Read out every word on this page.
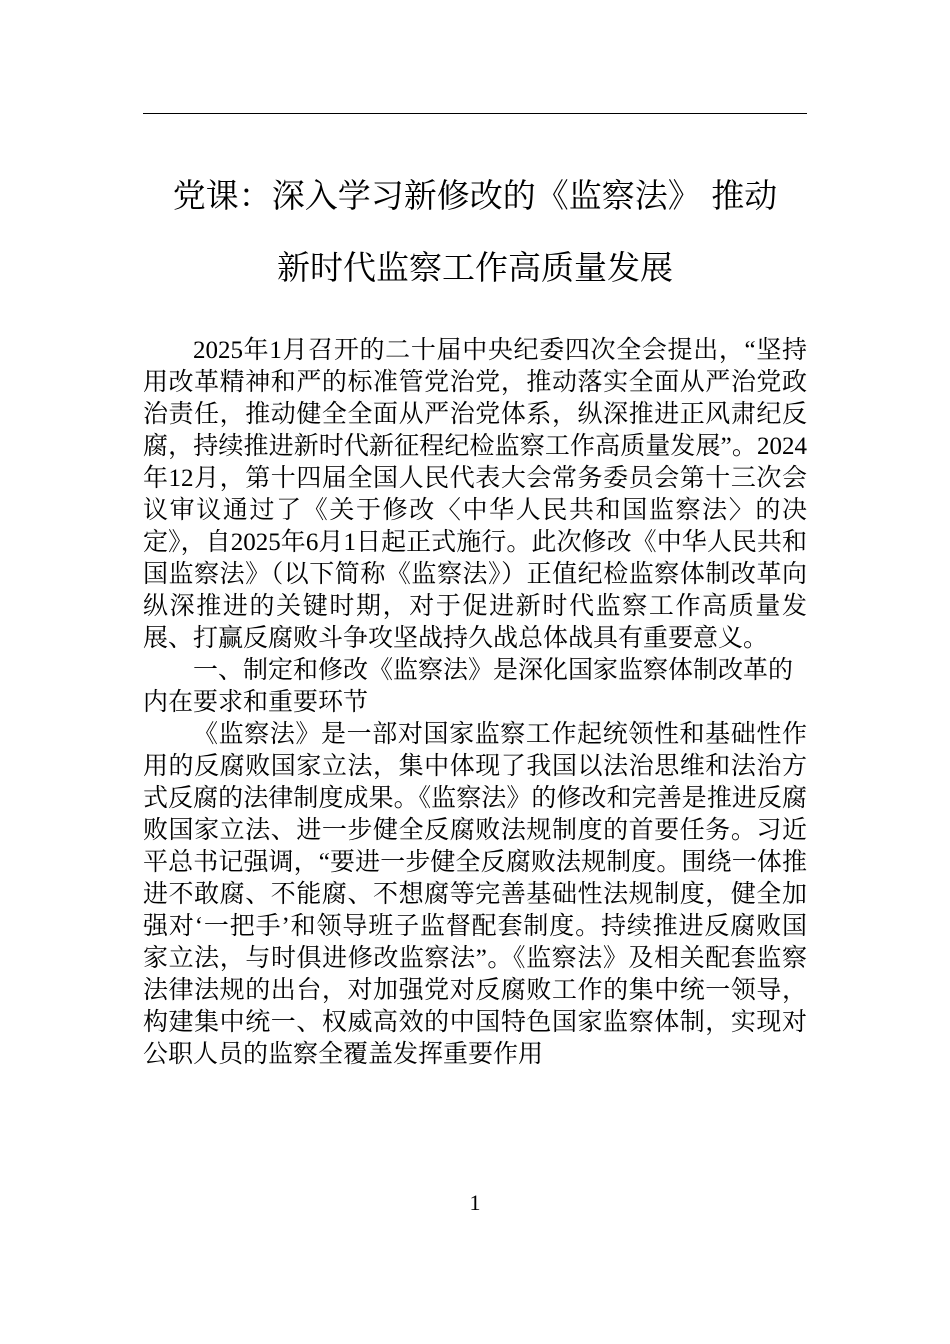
党课：深入学习新修改的《监察法》 推动
新时代监察工作高质量发展

2025年1月召开的二十届中央纪委四次全会提出，“坚持用改革精神和严的标准管党治党，推动落实全面从严治党政治责任，推动健全全面从严治党体系，纵深推进正风肃纪反腐，持续推进新时代新征程纪检监察工作高质量发展”。2024年12月，第十四届全国人民代表大会常务委员会第十三次会议审议通过了《关于修改〈中华人民共和国监察法〉的决定》，自2025年6月1日起正式施行。此次修改《中华人民共和国监察法》（以下简称《监察法》）正值纪检监察体制改革向纵深推进的关键时期，对于促进新时代监察工作高质量发展、打赢反腐败斗争攻坚战持久战总体战具有重要意义。

一、制定和修改《监察法》是深化国家监察体制改革的内在要求和重要环节

《监察法》是一部对国家监察工作起统领性和基础性作用的反腐败国家立法，集中体现了我国以法治思维和法治方式反腐的法律制度成果。《监察法》的修改和完善是推进反腐败国家立法、进一步健全反腐败法规制度的首要任务。习近平总书记强调，“要进一步健全反腐败法规制度。围绕一体推进不敢腐、不能腐、不想腐等完善基础性法规制度，健全加强对‘一把手’和领导班子监督配套制度。持续推进反腐败国家立法，与时俱进修改监察法”。《监察法》及相关配套监察法律法规的出台，对加强党对反腐败工作的集中统一领导，构建集中统一、权威高效的中国特色国家监察体制，实现对公职人员的监察全覆盖发挥重要作用

1
